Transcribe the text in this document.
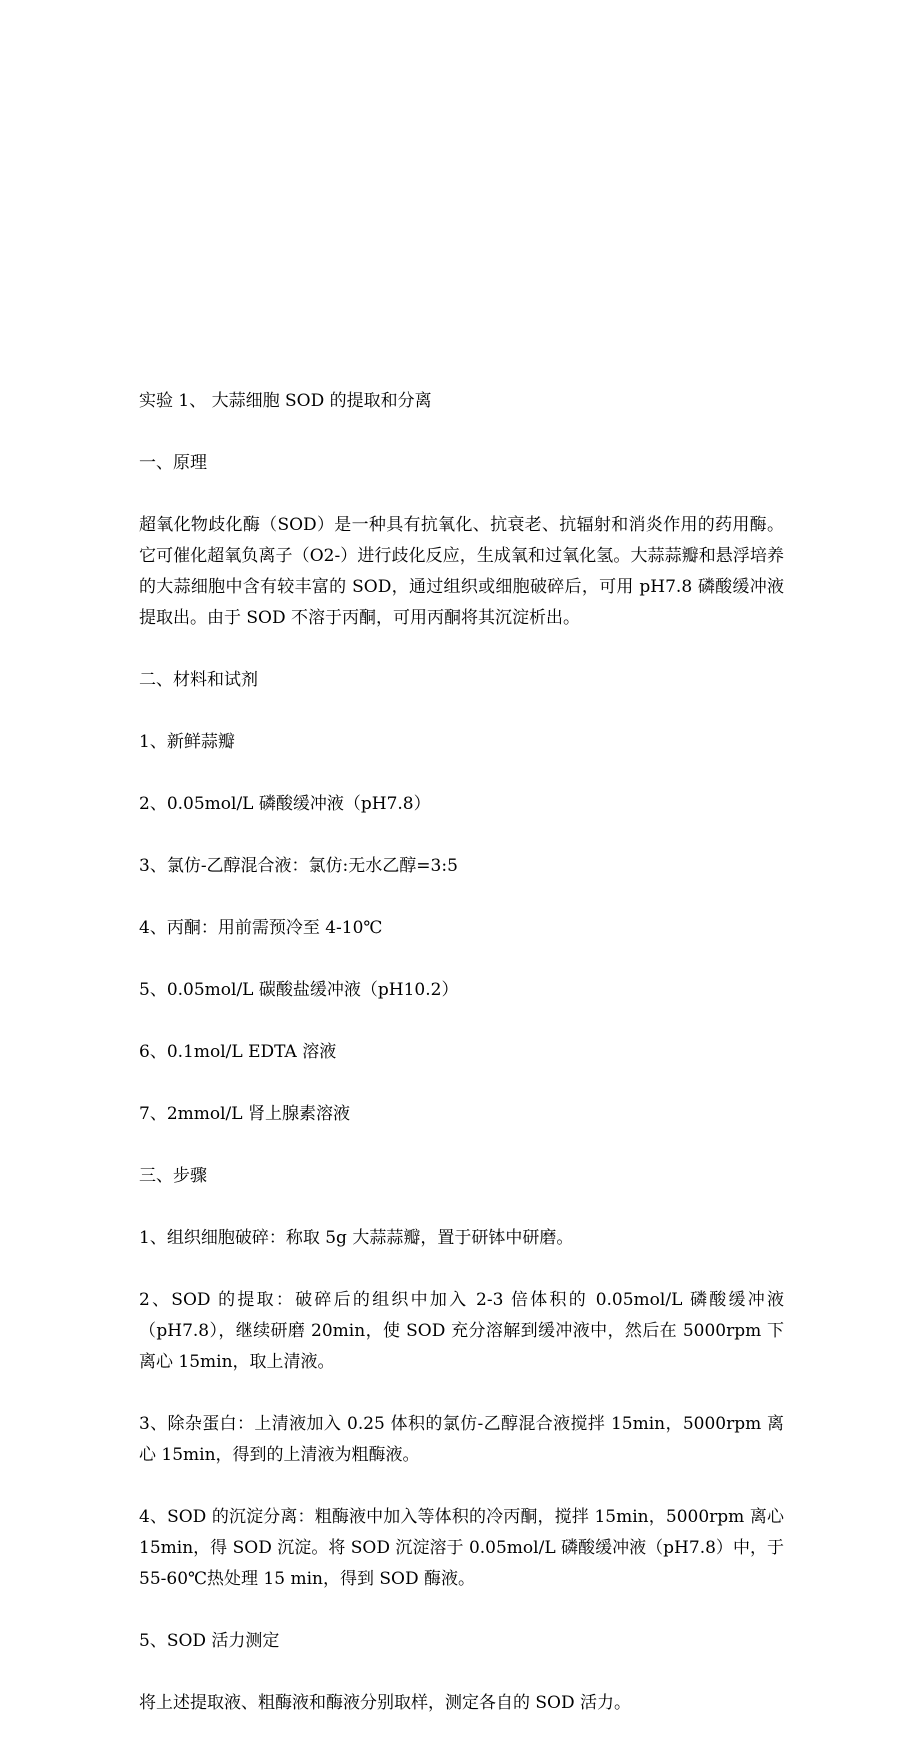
实验 1、 大蒜细胞 SOD 的提取和分离

一、原理

超氧化物歧化酶（SOD）是一种具有抗氧化、抗衰老、抗辐射和消炎作用的药用酶。它可催化超氧负离子（O2-）进行歧化反应，生成氧和过氧化氢。大蒜蒜瓣和悬浮培养的大蒜细胞中含有较丰富的 SOD，通过组织或细胞破碎后，可用 pH7.8 磷酸缓冲液提取出。由于 SOD 不溶于丙酮，可用丙酮将其沉淀析出。

二、材料和试剂

1、新鲜蒜瓣

2、0.05mol/L 磷酸缓冲液（pH7.8）

3、氯仿-乙醇混合液：氯仿:无水乙醇=3:5

4、丙酮：用前需预冷至 4-10℃

5、0.05mol/L 碳酸盐缓冲液（pH10.2）

6、0.1mol/L EDTA 溶液

7、2mmol/L 肾上腺素溶液

三、步骤

1、组织细胞破碎：称取 5g 大蒜蒜瓣，置于研钵中研磨。

2、SOD 的提取：破碎后的组织中加入 2-3 倍体积的 0.05mol/L 磷酸缓冲液（pH7.8），继续研磨 20min，使 SOD 充分溶解到缓冲液中，然后在 5000rpm 下离心 15min，取上清液。

3、除杂蛋白：上清液加入 0.25 体积的氯仿-乙醇混合液搅拌 15min，5000rpm 离心 15min，得到的上清液为粗酶液。

4、SOD 的沉淀分离：粗酶液中加入等体积的冷丙酮，搅拌 15min，5000rpm 离心 15min，得 SOD 沉淀。将 SOD 沉淀溶于 0.05mol/L 磷酸缓冲液（pH7.8）中，于 55-60℃热处理 15 min，得到 SOD 酶液。

5、SOD 活力测定

将上述提取液、粗酶液和酶液分别取样，测定各自的 SOD 活力。
